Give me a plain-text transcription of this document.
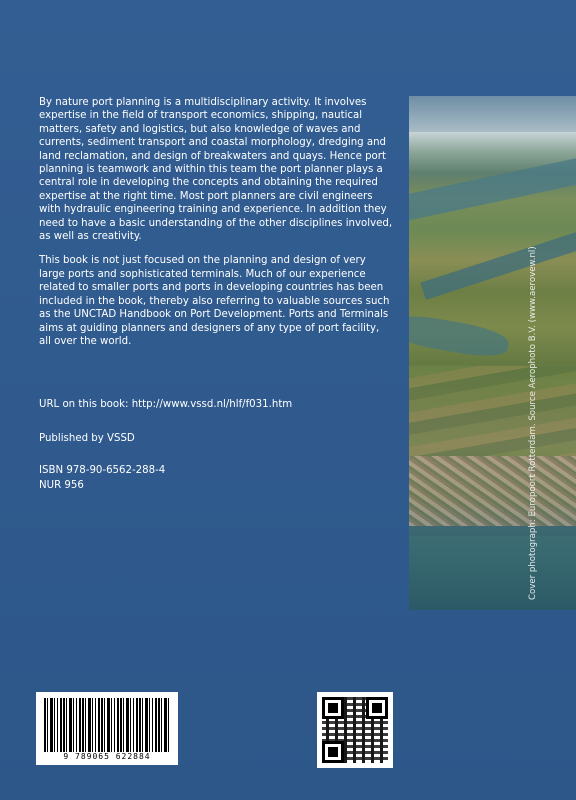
By nature port planning is a multidisciplinary activity. It involves expertise in the field of transport economics, shipping, nautical matters, safety and logistics, but also knowledge of waves and currents, sediment transport and coastal morphology, dredging and land reclamation, and design of breakwaters and quays. Hence port planning is teamwork and within this team the port planner plays a central role in developing the concepts and obtaining the required expertise at the right time. Most port planners are civil engineers with hydraulic engineering training and experience. In addition they need to have a basic understanding of the other disciplines involved, as well as creativity.

This book is not just focused on the planning and design of very large ports and sophisticated terminals. Much of our experience related to smaller ports and ports in developing countries has been included in the book, thereby also referring to valuable sources such as the UNCTAD Handbook on Port Development. Ports and Terminals aims at guiding planners and designers of any type of port facility, all over the world.

URL on this book: http://www.vssd.nl/hlf/f031.htm
Published by VSSD
ISBN 978-90-6562-288-4
NUR 956	Cover photograph: Europoort Rotterdam. Source Aerophoto B.V. (www.aerovew.nl)
9 789065 622884
